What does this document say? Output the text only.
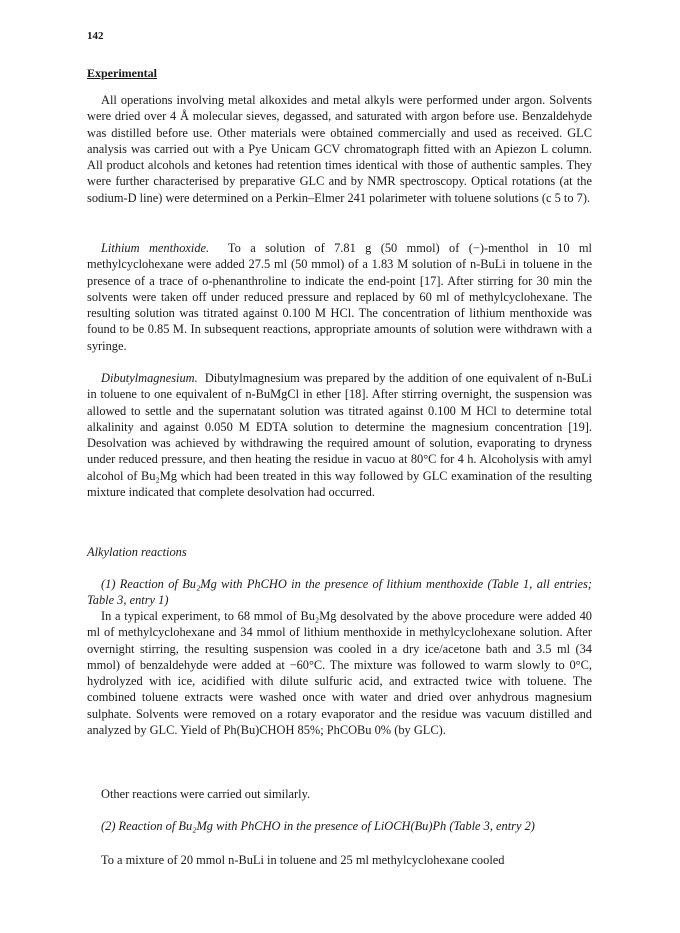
142
Experimental

All operations involving metal alkoxides and metal alkyls were performed under argon. Solvents were dried over 4 Å molecular sieves, degassed, and saturated with argon before use. Benzaldehyde was distilled before use. Other materials were obtained commercially and used as received. GLC analysis was carried out with a Pye Unicam GCV chromatograph fitted with an Apiezon L column. All product alcohols and ketones had retention times identical with those of authentic samples. They were further characterised by preparative GLC and by NMR spectroscopy. Optical rotations (at the sodium-D line) were determined on a Perkin–Elmer 241 polarimeter with toluene solutions (c 5 to 7).

Lithium menthoxide. To a solution of 7.81 g (50 mmol) of (−)-menthol in 10 ml methylcyclohexane were added 27.5 ml (50 mmol) of a 1.83 M solution of n-BuLi in toluene in the presence of a trace of o-phenanthroline to indicate the end-point [17]. After stirring for 30 min the solvents were taken off under reduced pressure and replaced by 60 ml of methylcyclohexane. The resulting solution was titrated against 0.100 M HCl. The concentration of lithium menthoxide was found to be 0.85 M. In subsequent reactions, appropriate amounts of solution were withdrawn with a syringe.

Dibutylmagnesium. Dibutylmagnesium was prepared by the addition of one equivalent of n-BuLi in toluene to one equivalent of n-BuMgCl in ether [18]. After stirring overnight, the suspension was allowed to settle and the supernatant solution was titrated against 0.100 M HCl to determine total alkalinity and against 0.050 M EDTA solution to determine the magnesium concentration [19]. Desolvation was achieved by withdrawing the required amount of solution, evaporating to dryness under reduced pressure, and then heating the residue in vacuo at 80°C for 4 h. Alcoholysis with amyl alcohol of Bu₂Mg which had been treated in this way followed by GLC examination of the resulting mixture indicated that complete desolvation had occurred.

Alkylation reactions

(1) Reaction of Bu₂Mg with PhCHO in the presence of lithium menthoxide (Table 1, all entries; Table 3, entry 1)

In a typical experiment, to 68 mmol of Bu₂Mg desolvated by the above procedure were added 40 ml of methylcyclohexane and 34 mmol of lithium menthoxide in methylcyclohexane solution. After overnight stirring, the resulting suspension was cooled in a dry ice/acetone bath and 3.5 ml (34 mmol) of benzaldehyde were added at −60°C. The mixture was followed to warm slowly to 0°C, hydrolyzed with ice, acidified with dilute sulfuric acid, and extracted twice with toluene. The combined toluene extracts were washed once with water and dried over anhydrous magnesium sulphate. Solvents were removed on a rotary evaporator and the residue was vacuum distilled and analyzed by GLC. Yield of Ph(Bu)CHOH 85%; PhCOBu 0% (by GLC).

Other reactions were carried out similarly.

(2) Reaction of Bu₂Mg with PhCHO in the presence of LiOCH(Bu)Ph (Table 3, entry 2)

To a mixture of 20 mmol n-BuLi in toluene and 25 ml methylcyclohexane cooled
